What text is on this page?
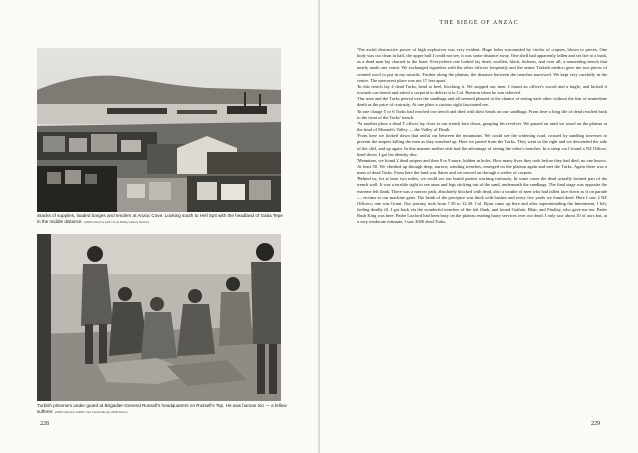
Stacks of supplies, loaded barges and tenders at Anzac Cove. Looking south to Hell Spit with the headland of Gaba Tepe in the middle distance. (AWM reference H20 / Army Military History Section)
Turkish prisoners under guard at Brigadier-General Russell's headquarters on Russell's Top. He was human too — a fellow sufferer. (AWM reference H3050 / Cpl. Harold Murray, AWM Prison)
228
THE SIEGE OF ANZAC

'The awful destructive power of high explosives was very evident. Huge holes surrounded by circles of corpses, blown to pieces. One body was cut clean in half, the upper half I could not see, it was some distance away. One shell had apparently fallen and set fire to a bush, as a dead man lay charred to the bone. Everywhere one looked lay dead, swollen, black, hideous, and over all, a nauseating stench that nearly made one vomit. We exchanged cigarettes with the other officers frequently and the senior Turkish medico gave me two pieces of scented wool to put in my nostrils. Further along the plateau, the distance between the trenches narrowed. We kept very carefully in the centre. The narrowest place was not 17 feet apart.

'In this trench lay 4 dead Turks, head to heel, blocking it. We stopped our men. I found an officer's sword and a bugle, and kicked it towards our trench and asked a corporal to deliver it to Col. Beeston when he was relieved.

'Our men and the Turks peered over the sandbags and all seemed pleased at the chance of seeing each other without the fear of immediate death as the price of curiosity. At one place a curious sight fascinated me.

'In one charge 5 or 6 Turks had reached our trench and died with their heads on our sandbags. From here a long file of dead reached back to the front of the Turks' trench.

'At another place a dead T officer lay close to our trench face down, grasping his revolver. We passed on until we stood on the plateau at the head of Monash's Valley — the Valley of Death.

'From here we looked down that awful cut between the mountains. We could see the widening road, crossed by sandbag traverses to prevent the snipers killing the men as they marched up. Here we parted from the Turks. They went to the right and we descended the side of the cliff, and up again. In this manner neither side had the advantage of seeing the other's trenches. In a steep cut I found a NZ Officer, head down. I got his identity disc.

'Meantime, we found 2 dead snipers and then 8 or 9 more, hidden in holes. How many lives they took before they had died, no one knows. At least 50. We climbed up through deep, narrow, winding trenches, emerged on the plateau again and met the Turks. Again there was a mass of dead Turks. From here the land was flatter and we moved on through a welter of corpses.

'Behind us, for at least two miles, we could see our burial parties working furiously. In some cases the dead actually formed part of the trench wall. It was a terrible sight to see arms and legs sticking out of the sand, underneath the sandbags. The final stage was opposite the extreme left flank. There was a narrow path, absolutely blocked with dead, also a swathe of men who had fallen face down as if on parade — victims to our machine guns. The brink of the precipice was thick with bushes and every few yards we found dead. Here I saw 2 NZ Officers; one was Grant. Our journey took from 7.30 to 12.30. Col. Ryan came up here and after superintending the Internment, I left, feeling deadly ill. I got back via the wonderful trenches of the left flank, and found Guthrie, Blair, and Findlay, who gave me tea. Padre Bush King was here. Padre Luxford had been busy on the plateau reading hasty services over our dead. I only saw about 10 of ours but, at a very moderate estimate, I saw 2000 dead Turks.

229
